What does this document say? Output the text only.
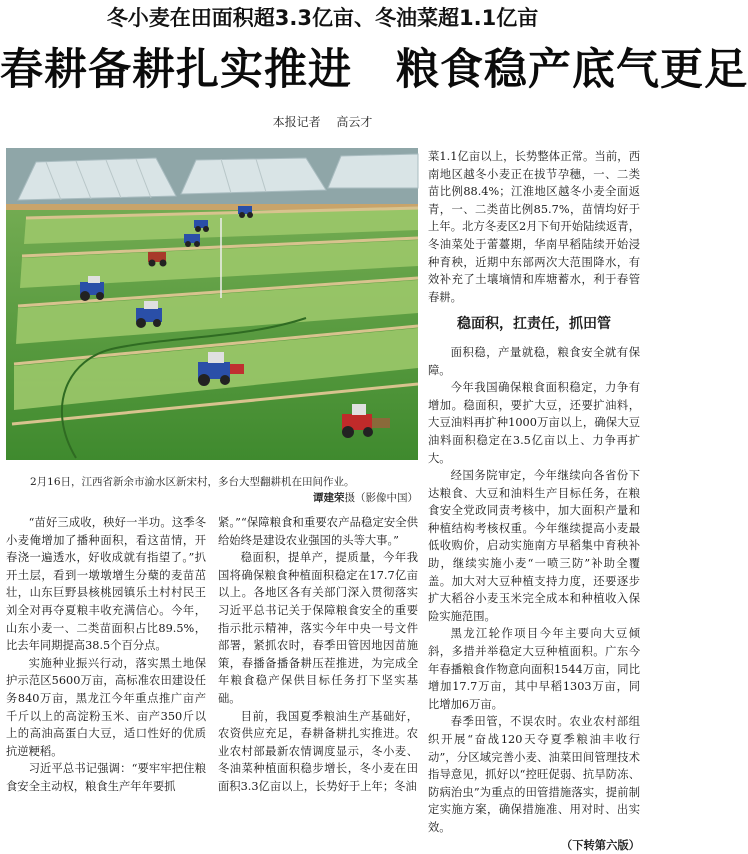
冬小麦在田面积超3.3亿亩、冬油菜超1.1亿亩
春耕备耕扎实推进　粮食稳产底气更足
本报记者 高云才
2月16日，江西省新余市渝水区新宋村，多台大型翻耕机在田间作业。
谭建荣摄（影像中国）

“苗好三成收，秧好一半功。这季冬小麦俺增加了播种面积，看这苗情，开春浇一遍透水，好收成就有指望了。”扒开土层，看到一墩墩增生分蘖的麦苗茁壮，山东巨野县核桃园镇乐土村村民王刘全对再夺夏粮丰收充满信心。今年，山东小麦一、二类苗面积占比89.5%，比去年同期提高38.5个百分点。

实施种业振兴行动，落实黑土地保护示范区5600万亩，高标准农田建设任务840万亩，黑龙江今年重点推广亩产千斤以上的高淀粉玉米、亩产350斤以上的高油高蛋白大豆，适口性好的优质抗逆粳稻。

习近平总书记强调：“要牢牢把住粮食安全主动权，粮食生产年年要抓

紧。”“保障粮食和重要农产品稳定安全供给始终是建设农业强国的头等大事。”

稳面积，提单产，提质量，今年我国将确保粮食种植面积稳定在17.7亿亩以上。各地区各有关部门深入贯彻落实习近平总书记关于保障粮食安全的重要指示批示精神，落实今年中央一号文件部署，紧抓农时，春季田管因地因苗施策，春播备播备耕压茬推进，为完成全年粮食稳产保供目标任务打下坚实基础。

目前，我国夏季粮油生产基础好，农资供应充足，春耕备耕扎实推进。农业农村部最新农情调度显示，冬小麦、冬油菜种植面积稳步增长，冬小麦在田面积3.3亿亩以上，长势好于上年；冬油

菜1.1亿亩以上，长势整体正常。当前，西南地区越冬小麦正在拔节孕穗，一、二类苗比例88.4%；江淮地区越冬小麦全面返青，一、二类苗比例85.7%，苗情均好于上年。北方冬麦区2月下旬开始陆续返青，冬油菜处于蕾薹期，华南早稻陆续开始浸种育秧，近期中东部两次大范围降水，有效补充了土壤墒情和库塘蓄水，利于春管春耕。

稳面积，扛责任，抓田管

面积稳，产量就稳，粮食安全就有保障。

今年我国确保粮食面积稳定，力争有增加。稳面积，要扩大豆，还要扩油料，大豆油料再扩种1000万亩以上，确保大豆油料面积稳定在3.5亿亩以上、力争再扩大。

经国务院审定，今年继续向各省份下达粮食、大豆和油料生产目标任务，在粮食安全党政同责考核中，加大面积产量和种植结构考核权重。今年继续提高小麦最低收购价，启动实施南方早稻集中育秧补助，继续实施小麦“一喷三防”补助全覆盖。加大对大豆种植支持力度，还要逐步扩大稻谷小麦玉米完全成本和种植收入保险实施范围。

黑龙江轮作项目今年主要向大豆倾斜，多措并举稳定大豆种植面积。广东今年春播粮食作物意向面积1544万亩，同比增加17.7万亩，其中早稻1303万亩，同比增加6万亩。

春季田管，不误农时。农业农村部组织开展“奋战120天夺夏季粮油丰收行动”，分区域完善小麦、油菜田间管理技术指导意见，抓好以“控旺促弱、抗旱防冻、防病治虫”为重点的田管措施落实，提前制定实施方案，确保措施准、用对时、出实效。

（下转第六版）
